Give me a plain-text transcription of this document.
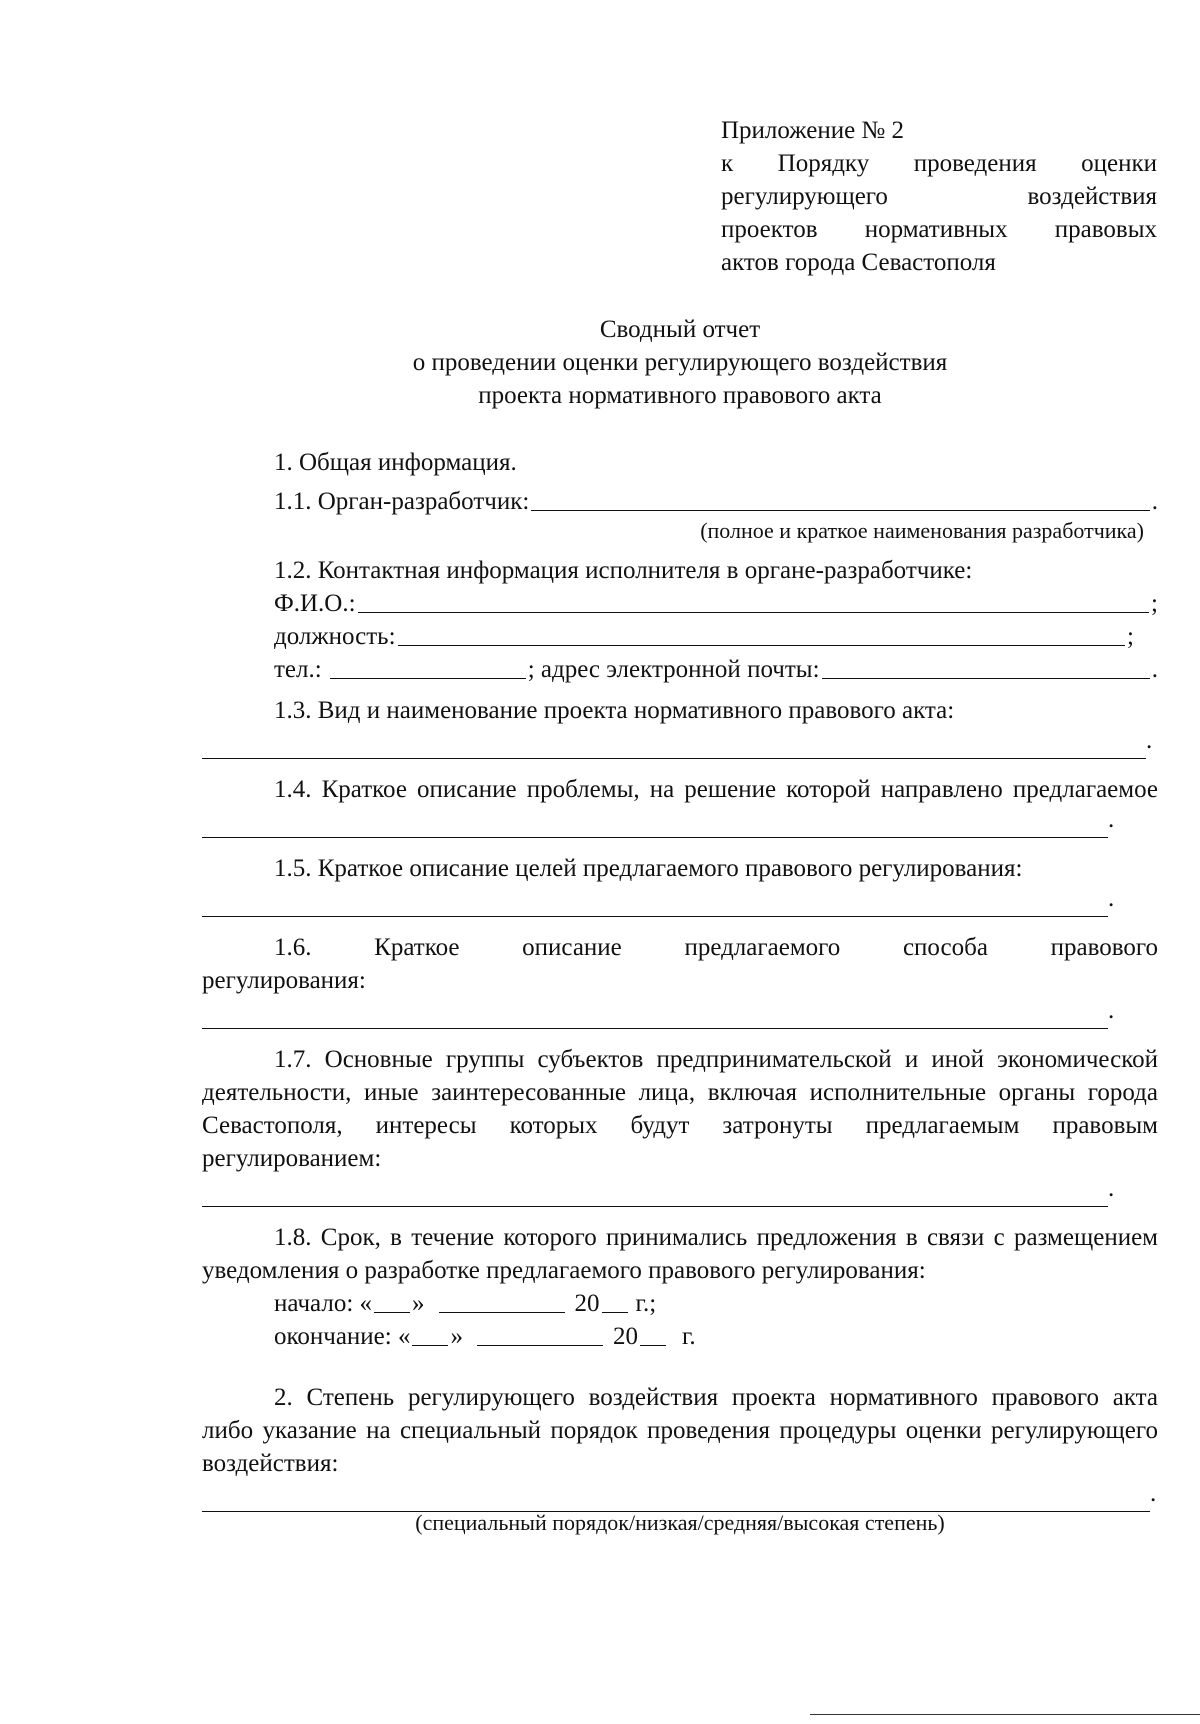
Приложение № 2
к Порядку проведения оценки
регулирующего воздействия
проектов нормативных правовых
актов города Севастополя
Сводный отчет
о проведении оценки регулирующего воздействия
проекта нормативного правового акта
1. Общая информация.
1.1. Орган-разработчик:	.
(полное и краткое наименования разработчика)
1.2. Контактная информация исполнителя в органе-разработчике:
Ф.И.О.:	;
должность:	;
тел.:	; адрес электронной почты:	.
1.3. Вид и наименование проекта нормативного правового акта:
.

1.4. Краткое описание проблемы, на решение которой направлено предлагаемое

.
1.5. Краткое описание целей предлагаемого правового регулирования:
.

1.6. Краткое описание предлагаемого способа правового регулирования:

.

1.7. Основные группы субъектов предпринимательской и иной экономической деятельности, иные заинтересованные лица, включая исполнительные органы города Севастополя, интересы которых будут затронуты предлагаемым правовым регулированием:

.

1.8. Срок, в течение которого принимались предложения в связи с размещением уведомления о разработке предлагаемого правового регулирования:

начало: « »	20 г.;
окончание: « »	20 г.

2. Степень регулирующего воздействия проекта нормативного правового акта либо указание на специальный порядок проведения процедуры оценки регулирующего воздействия:

.
(специальный порядок/низкая/средняя/высокая степень)
